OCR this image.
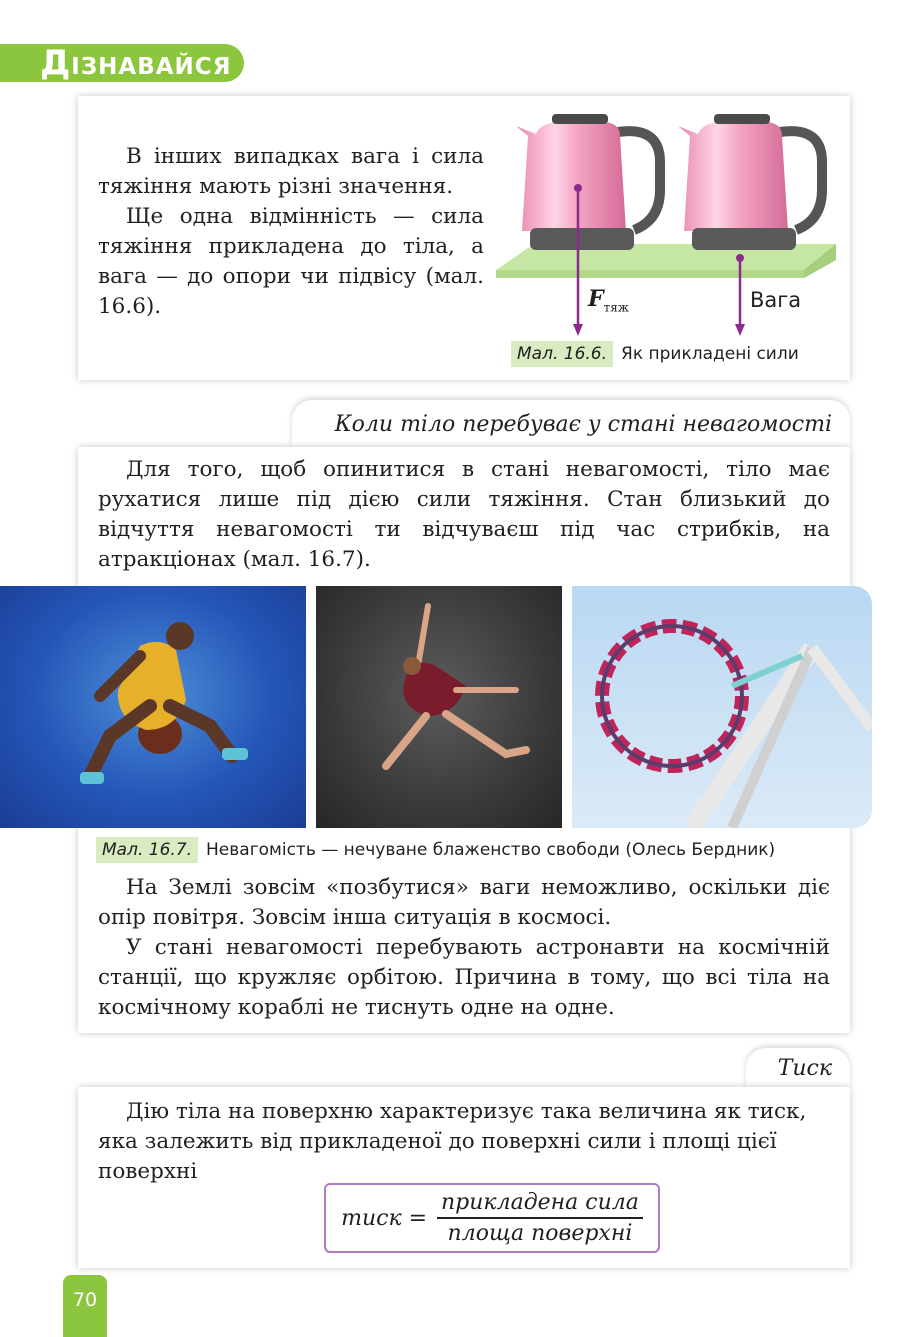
ДІЗНАВАЙСЯ

В інших випадках вага і сила тяжіння мають різні значення.

Ще одна відмінність — сила тяжіння прикладена до тіла, а вага — до опори чи підвісу (мал. 16.6).	$F_{тяж}$	Вага
Мал. 16.6. Як прикладені сили
Коли тіло перебуває у стані невагомості

Для того, щоб опинитися в стані невагомості, тіло має рухатися лише під дією сили тяжіння. Стан близький до відчуття невагомості ти відчуваєш під час стрибків, на атракціонах (мал. 16.7).

Мал. 16.7. Невагомість — нечуване блаженство свободи (Олесь Бердник)

На Землі зовсім «позбутися» ваги неможливо, оскільки діє опір повітря. Зовсім інша ситуація в космосі.

У стані невагомості перебувають астронавти на космічній станції, що кружляє орбітою. Причина в тому, що всі тіла на космічному кораблі не тиснуть одне на одне.

Тиск

Дію тіла на поверхню характеризує така величина як тиск, яка залежить від прикладеної до поверхні сили і площі цієї поверхні

тиск = $\frac{\text{прикладена сила}}{\text{площа поверхні}}$
70
